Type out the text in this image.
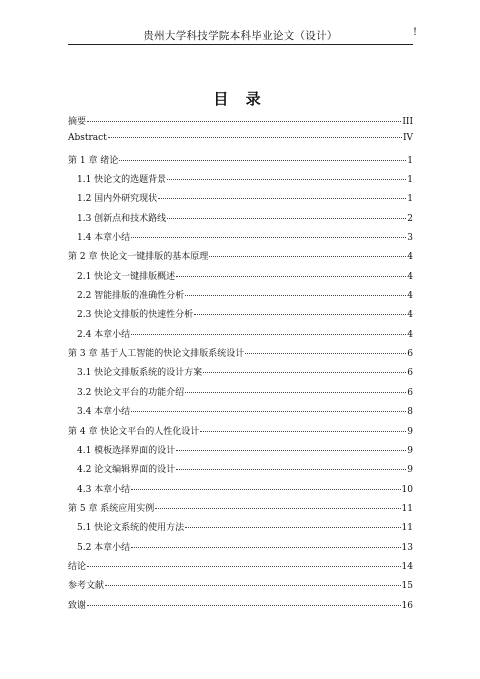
贵州大学科技学院本科毕业论文（设计）	!
目 录
摘要	III
Abstract	IV
第 1 章 绪论	1
1.1 快论文的选题背景	1
1.2 国内外研究现状	1
1.3 创新点和技术路线	2
1.4 本章小结	3
第 2 章 快论文一键排版的基本原理	4
2.1 快论文一键排版概述	4
2.2 智能排版的准确性分析	4
2.3 快论文排版的快速性分析	4
2.4 本章小结	4
第 3 章 基于人工智能的快论文排版系统设计	6
3.1 快论文排版系统的设计方案	6
3.2 快论文平台的功能介绍	6
3.4 本章小结	8
第 4 章 快论文平台的人性化设计	9
4.1 模板选择界面的设计	9
4.2 论文编辑界面的设计	9
4.3 本章小结	10
第 5 章 系统应用实例	11
5.1 快论文系统的使用方法	11
5.2 本章小结	13
结论	14
参考文献	15
致谢	16
